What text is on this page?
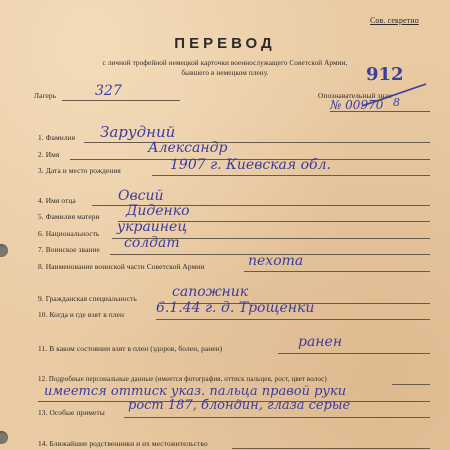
Сов. секретно
ПЕРЕВОД
с личной трофейной немецкой карточки военнослужащего Советской Армии,
бывшего в немецком плену.
Лагерь	327	Опознавательный знак
№ 00970
912
8
1. Фамилия Зарудний
2. Имя	Александр
3. Дата и место рождения	1907 г. Киевская обл.
4. Имя отца	Овсий
5. Фамилия матери Диденко
6. Национальность украинец
7. Воинское звание солдат
8. Наименование воинской части Советской Армии	пехота
9. Гражданская специальность	сапожник
10. Когда и где взят в плен 6.1.44 г. д. Трощенки
11. В каком состоянии взят в плен (здоров, болен, ранен)	ранен
12. Подробные персональные данные (имеется фотография, оттиск пальцев, рост, цвет волос)
имеется оттиск указ. пальца правой руки
13. Особые приметы рост 187, блондин, глаза серые
14. Ближайшие родственники и их местожительство
